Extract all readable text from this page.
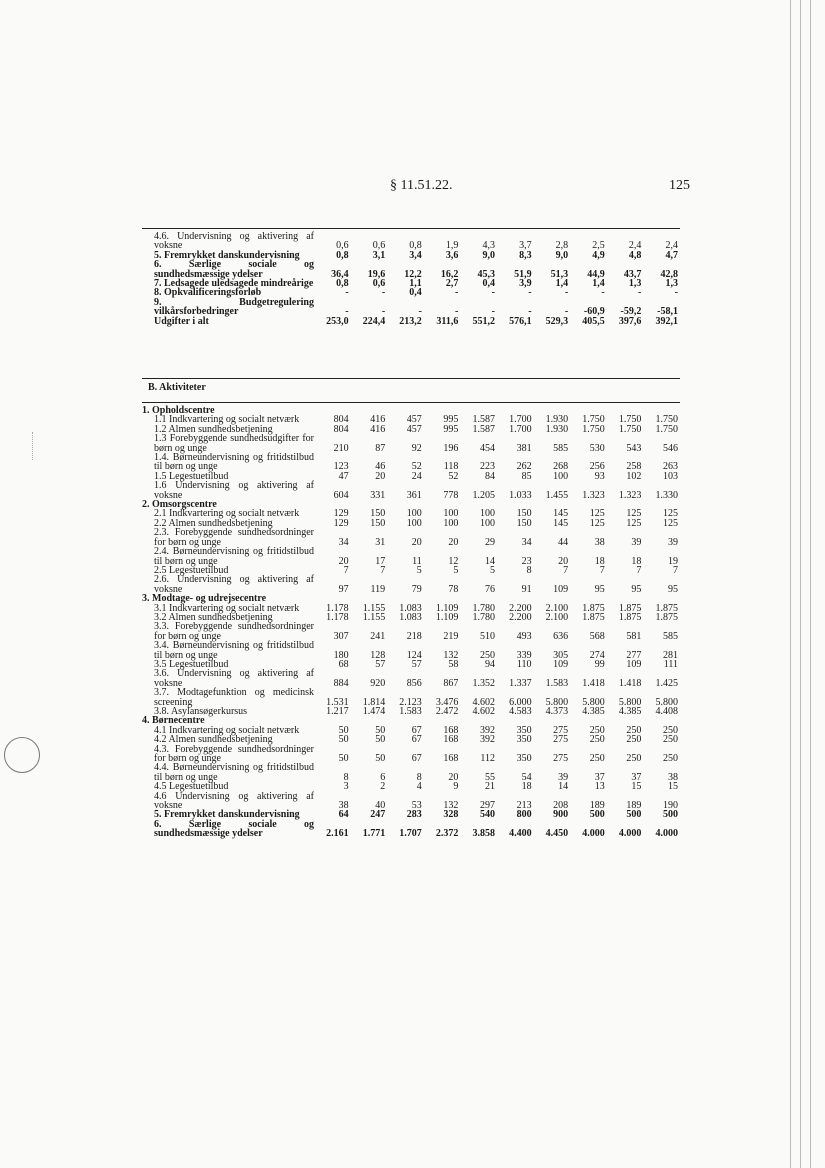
§ 11.51.22.	125
4.6. Undervisning og aktivering af voksne	0,6	0,6	0,8	1,9	4,3	3,7	2,8	2,5	2,4	2,4

5. Fremrykket danskundervisning	0,8	3,1	3,4	3,6	9,0	8,3	9,0	4,9	4,8	4,7

6. Særlige sociale og sundhedsmæssige ydelser	36,4	19,6	12,2	16,2	45,3	51,9	51,3	44,9	43,7	42,8

7. Ledsagede uledsagede mindreårige	0,8	0,6	1,1	2,7	0,4	3,9	1,4	1,4	1,3	1,3

8. Opkvalificeringsforløb	-	-	0,4	-	-	-	-	-	-	-

9. Budgetregulering vilkårsforbedringer	-	-	-	-	-	-	-	-60,9	-59,2	-58,1

Udgifter i alt	253,0	224,4	213,2	311,6	551,2	576,1	529,3	405,5	397,6	392,1
B. Aktiviteter
1. Opholdscentre										

1.1 Indkvartering og socialt netværk	804	416	457	995	1.587	1.700	1.930	1.750	1.750	1.750

1.2 Almen sundhedsbetjening	804	416	457	995	1.587	1.700	1.930	1.750	1.750	1.750

1.3 Forebyggende sundhedsudgifter for børn og unge	210	87	92	196	454	381	585	530	543	546

1.4. Børneundervisning og fritidstilbud til børn og unge	123	46	52	118	223	262	268	256	258	263

1.5 Legestuetilbud	47	20	24	52	84	85	100	93	102	103

1.6 Undervisning og aktivering af voksne	604	331	361	778	1.205	1.033	1.455	1.323	1.323	1.330

2. Omsorgscentre										

2.1 Indkvartering og socialt netværk	129	150	100	100	100	150	145	125	125	125

2.2 Almen sundhedsbetjening	129	150	100	100	100	150	145	125	125	125

2.3. Forebyggende sundhedsordninger for børn og unge	34	31	20	20	29	34	44	38	39	39

2.4. Børneundervisning og fritidstilbud til børn og unge	20	17	11	12	14	23	20	18	18	19

2.5 Legestuetilbud	7	7	5	5	5	8	7	7	7	7

2.6. Undervisning og aktivering af voksne	97	119	79	78	76	91	109	95	95	95

3. Modtage- og udrejsecentre										

3.1 Indkvartering og socialt netværk	1.178	1.155	1.083	1.109	1.780	2.200	2.100	1.875	1.875	1.875

3.2 Almen sundhedsbetjening	1.178	1.155	1.083	1.109	1.780	2.200	2.100	1.875	1.875	1.875

3.3. Forebyggende sundhedsordninger for børn og unge	307	241	218	219	510	493	636	568	581	585

3.4. Børneundervisning og fritidstilbud til børn og unge	180	128	124	132	250	339	305	274	277	281

3.5 Legestuetilbud	68	57	57	58	94	110	109	99	109	111

3.6. Undervisning og aktivering af voksne	884	920	856	867	1.352	1.337	1.583	1.418	1.418	1.425

3.7. Modtagefunktion og medicinsk screening	1.531	1.814	2.123	3.476	4.602	6.000	5.800	5.800	5.800	5.800

3.8. Asylansøgerkursus	1.217	1.474	1.583	2.472	4.602	4.583	4.373	4.385	4.385	4.408

4. Børnecentre										

4.1 Indkvartering og socialt netværk	50	50	67	168	392	350	275	250	250	250

4.2 Almen sundhedsbetjening	50	50	67	168	392	350	275	250	250	250

4.3. Forebyggende sundhedsordninger for børn og unge	50	50	67	168	112	350	275	250	250	250

4.4. Børneundervisning og fritidstilbud til børn og unge	8	6	8	20	55	54	39	37	37	38

4.5 Legestuetilbud	3	2	4	9	21	18	14	13	15	15

4.6 Undervisning og aktivering af voksne	38	40	53	132	297	213	208	189	189	190

5. Fremrykket danskundervisning	64	247	283	328	540	800	900	500	500	500

6. Særlige sociale og sundhedsmæssige ydelser	2.161	1.771	1.707	2.372	3.858	4.400	4.450	4.000	4.000	4.000
